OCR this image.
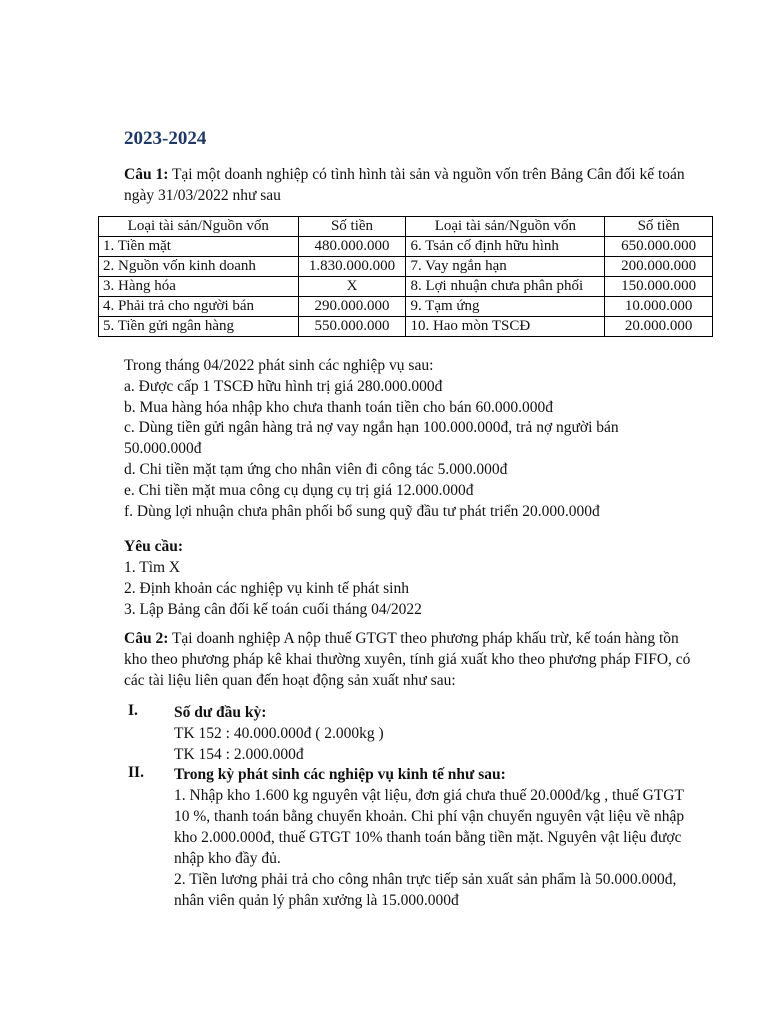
2023-2024
Câu 1: Tại một doanh nghiệp có tình hình tài sản và nguồn vốn trên Bảng Cân đối kế toán ngày 31/03/2022 như sau
Loại tài sản/Nguồn vốn	Số tiền	Loại tài sản/Nguồn vốn	Số tiền
1. Tiền mặt	480.000.000	6. Tsản cố định hữu hình	650.000.000
2. Nguồn vốn kinh doanh	1.830.000.000	7. Vay ngắn hạn	200.000.000
3. Hàng hóa	X	8. Lợi nhuận chưa phân phối	150.000.000
4. Phải trả cho người bán	290.000.000	9. Tạm ứng	10.000.000
5. Tiền gửi ngân hàng	550.000.000	10. Hao mòn TSCĐ	20.000.000
Trong tháng 04/2022 phát sinh các nghiệp vụ sau:
a. Được cấp 1 TSCĐ hữu hình trị giá 280.000.000đ
b. Mua hàng hóa nhập kho chưa thanh toán tiền cho bán 60.000.000đ
c. Dùng tiền gửi ngân hàng trả nợ vay ngắn hạn 100.000.000đ, trả nợ người bán
50.000.000đ
d. Chi tiền mặt tạm ứng cho nhân viên đi công tác 5.000.000đ
e. Chi tiền mặt mua công cụ dụng cụ trị giá 12.000.000đ
f. Dùng lợi nhuận chưa phân phối bổ sung quỹ đầu tư phát triển 20.000.000đ
Yêu cầu:
1. Tìm X
2. Định khoản các nghiệp vụ kinh tế phát sinh
3. Lập Bảng cân đối kế toán cuối tháng 04/2022
Câu 2: Tại doanh nghiệp A nộp thuế GTGT theo phương pháp khấu trừ, kế toán hàng tồn kho theo phương pháp kê khai thường xuyên, tính giá xuất kho theo phương pháp FIFO, có các tài liệu liên quan đến hoạt động sản xuất như sau:
I. Số dư đầu kỳ:
TK 152 : 40.000.000đ ( 2.000kg )
TK 154 : 2.000.000đ
II. Trong kỳ phát sinh các nghiệp vụ kinh tế như sau:
1. Nhập kho 1.600 kg nguyên vật liệu, đơn giá chưa thuế 20.000đ/kg , thuế GTGT 10 %, thanh toán bằng chuyển khoản. Chi phí vận chuyển nguyên vật liệu về nhập kho 2.000.000đ, thuế GTGT 10% thanh toán bằng tiền mặt. Nguyên vật liệu được nhập kho đầy đủ.
2. Tiền lương phải trả cho công nhân trực tiếp sản xuất sản phẩm là 50.000.000đ, nhân viên quản lý phân xưởng là 15.000.000đ
